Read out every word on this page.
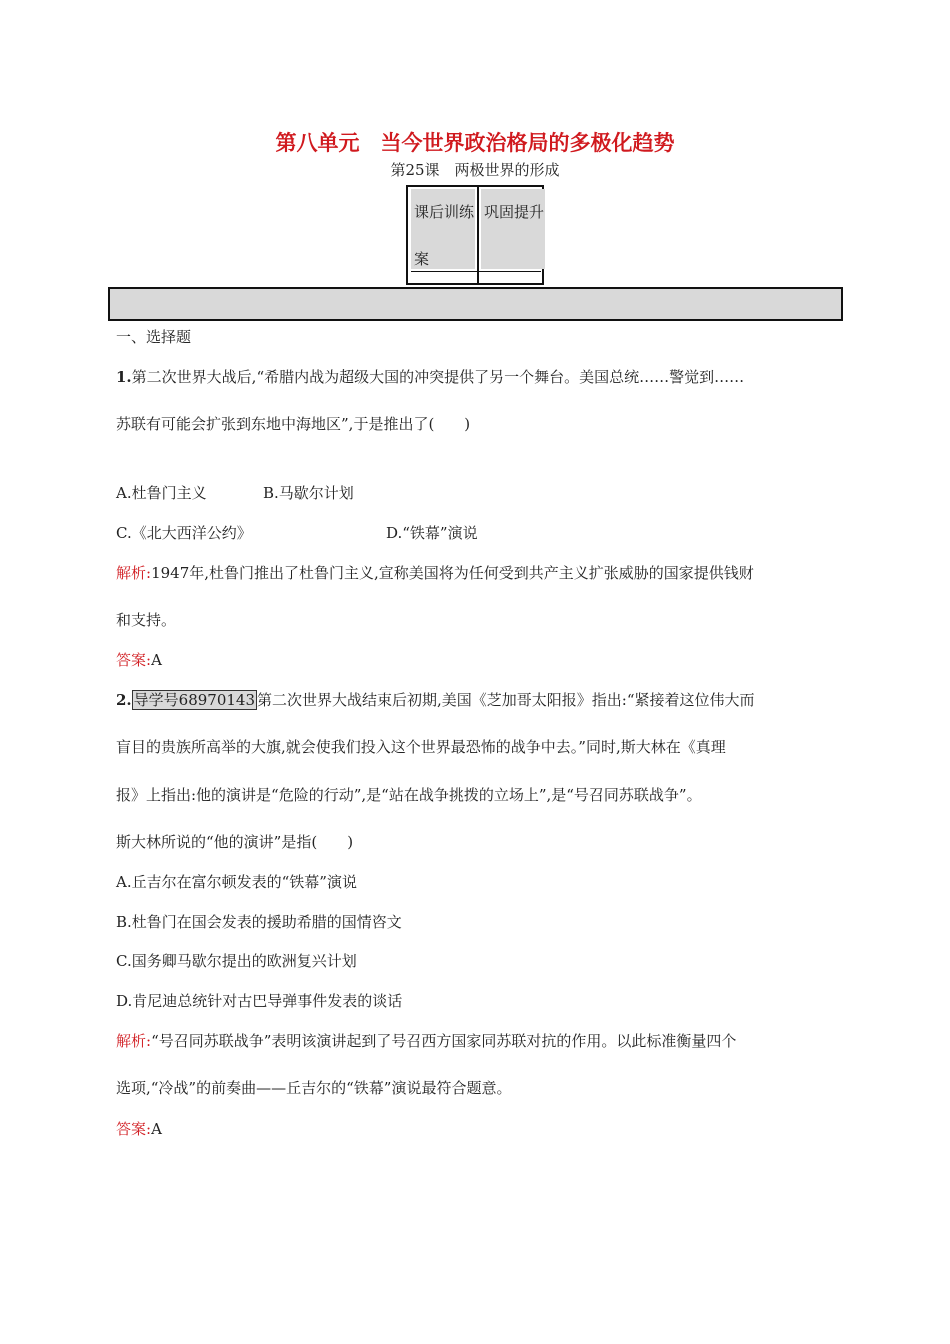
第八单元　当今世界政治格局的多极化趋势
第25课　两极世界的形成
课后训练案
巩固提升
一、选择题
1.第二次世界大战后,“希腊内战为超级大国的冲突提供了另一个舞台。美国总统……警觉到……
苏联有可能会扩张到东地中海地区”,于是推出了(　　)
A.杜鲁门主义	B.马歇尔计划
C.《北大西洋公约》	D.“铁幕”演说
解析:1947年,杜鲁门推出了杜鲁门主义,宣称美国将为任何受到共产主义扩张威胁的国家提供钱财
和支持。
答案:A
2. 导学号68970143 第二次世界大战结束后初期,美国《芝加哥太阳报》指出:“紧接着这位伟大而
盲目的贵族所高举的大旗,就会使我们投入这个世界最恐怖的战争中去。”同时,斯大林在《真理
报》上指出:他的演讲是“危险的行动”,是“站在战争挑拨的立场上”,是“号召同苏联战争”。
斯大林所说的“他的演讲”是指(　　)
A.丘吉尔在富尔顿发表的“铁幕”演说
B.杜鲁门在国会发表的援助希腊的国情咨文
C.国务卿马歇尔提出的欧洲复兴计划
D.肯尼迪总统针对古巴导弹事件发表的谈话
解析:“号召同苏联战争”表明该演讲起到了号召西方国家同苏联对抗的作用。以此标准衡量四个
选项,“冷战”的前奏曲——丘吉尔的“铁幕”演说最符合题意。
答案:A
